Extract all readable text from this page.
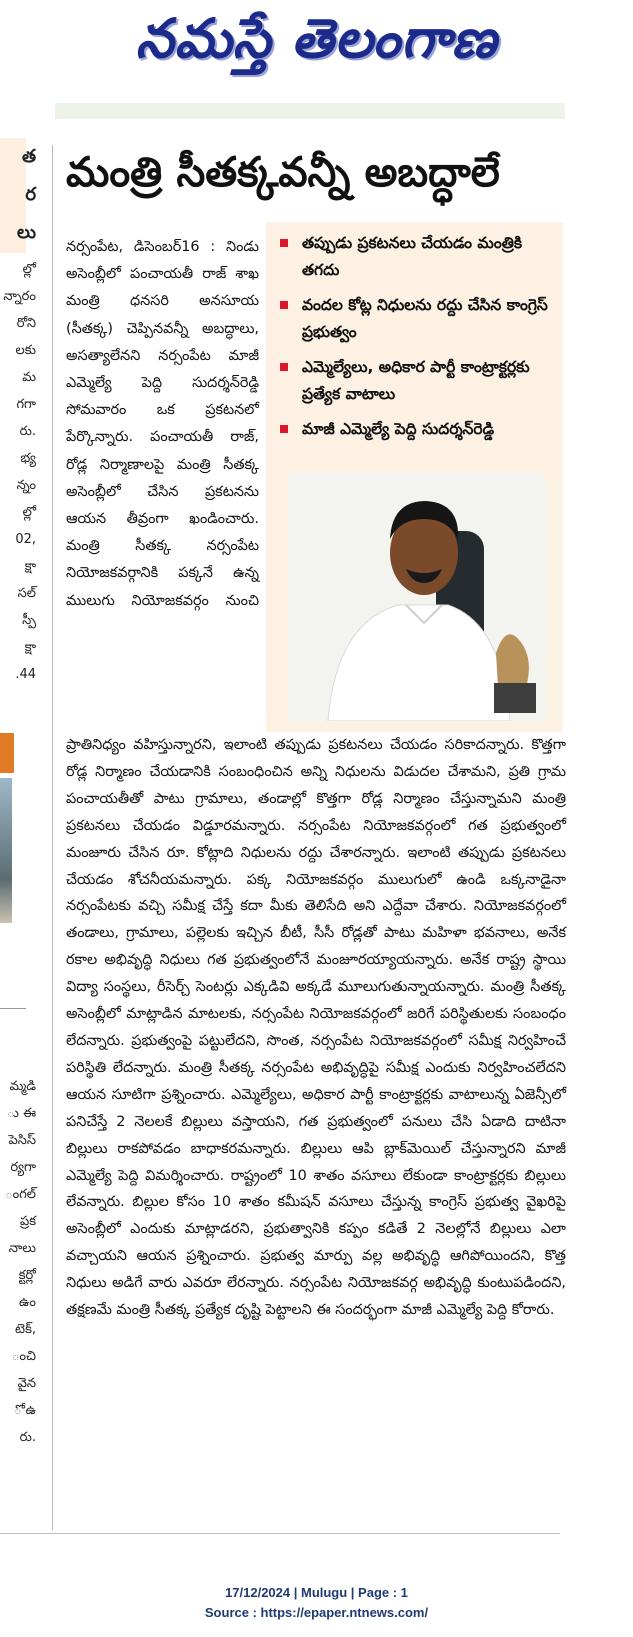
నమస్తే తెలంగాణ
త
ర
లు
ల్లో
న్నారం
రోని
లకు
మ
గగా
రు.
భ్య
న్నం
ల్లో
02,
క్షా
సల్
స్పీ
క్షా
.44
మ్మడి
ు ఈ
పెసిస్
ర్యగా
ంగల్
ప్రక
నాలు
క్టర్లో
ఉం
టెక్,
ంచి
వైన
ో ఉ
రు.
మంత్రి సీతక్కవన్నీ అబద్ధాలే
తప్పుడు ప్రకటనలు చేయడం మంత్రికి తగదు
వందల కోట్ల నిధులను రద్దు చేసిన కాంగ్రెస్ ప్రభుత్వం
ఎమ్మెల్యేలు, అధికార పార్టీ కాంట్రాక్టర్లకు ప్రత్యేక వాటాలు
మాజీ ఎమ్మెల్యే పెద్ది సుదర్శన్‌రెడ్డి

నర్సంపేట, డిసెంబర్16 : నిండు అసెంబ్లీలో పంచాయతీ రాజ్ శాఖ మంత్రి ధనసరి అనసూయ (సీతక్క) చెప్పినవన్నీ అబద్ధాలు, అసత్యాలేనని నర్సంపేట మాజీ ఎమ్మెల్యే పెద్ది సుదర్శన్‌రెడ్డి సోమవారం ఒక ప్రకటనలో పేర్కొన్నారు. పంచాయతీ రాజ్, రోడ్ల నిర్మాణాలపై మంత్రి సీతక్క అసెంబ్లీలో చేసిన ప్రకటనను ఆయన తీవ్రంగా ఖండించారు. మంత్రి సీతక్క నర్సంపేట నియోజకవర్గానికి పక్కనే ఉన్న ములుగు నియోజకవర్గం నుంచి

ప్రాతినిధ్యం వహిస్తున్నారని, ఇలాంటి తప్పుడు ప్రకటనలు చేయడం సరికాదన్నారు. కొత్తగా రోడ్ల నిర్మాణం చేయడానికి సంబంధించిన అన్ని నిధులను విడుదల చేశామని, ప్రతి గ్రామ పంచాయతీతో పాటు గ్రామాలు, తండాల్లో కొత్తగా రోడ్ల నిర్మాణం చేస్తున్నామని మంత్రి ప్రకటనలు చేయడం విడ్డూరమన్నారు. నర్సంపేట నియోజకవర్గంలో గత ప్రభుత్వంలో మంజూరు చేసిన రూ. కోట్లాది నిధులను రద్దు చేశారన్నారు. ఇలాంటి తప్పుడు ప్రకటనలు చేయడం శోచనీయమన్నారు. పక్క నియోజకవర్గం ములుగులో ఉండి ఒక్కనాడైనా నర్సంపేటకు వచ్చి సమీక్ష చేస్తే కదా మీకు తెలిసేది అని ఎద్దేవా చేశారు. నియోజకవర్గంలో తండాలు, గ్రామాలు, పల్లెలకు ఇచ్చిన బీటీ, సీసీ రోడ్లతో పాటు మహిళా భవనాలు, అనేక రకాల అభివృద్ధి నిధులు గత ప్రభుత్వంలోనే మంజూరయ్యాయన్నారు. అనేక రాష్ట్ర స్థాయి విద్యా సంస్థలు, రీసెర్చ్ సెంటర్లు ఎక్కడివి అక్కడే మూలుగుతున్నాయన్నారు. మంత్రి సీతక్క అసెంబ్లీలో మాట్లాడిన మాటలకు, నర్సంపేట నియోజకవర్గంలో జరిగే పరిస్థితులకు సంబంధం లేదన్నారు. ప్రభుత్వంపై పట్టులేదని, సొంత, నర్సంపేట నియోజకవర్గంలో సమీక్ష నిర్వహించే పరిస్థితి లేదన్నారు. మంత్రి సీతక్క నర్సంపేట అభివృద్ధిపై సమీక్ష ఎందుకు నిర్వహించలేదని ఆయన సూటిగా ప్రశ్నించారు. ఎమ్మెల్యేలు, అధికార పార్టీ కాంట్రాక్టర్లకు వాటాలున్న ఏజెన్సీలో పనిచేస్తే 2 నెలలకే బిల్లులు వస్తాయని, గత ప్రభుత్వంలో పనులు చేసి ఏడాది దాటినా బిల్లులు రాకపోవడం బాధాకరమన్నారు. బిల్లులు ఆపి బ్లాక్‌మెయిల్ చేస్తున్నారని మాజీ ఎమ్మెల్యే పెద్ది విమర్శించారు. రాష్ట్రంలో 10 శాతం వసూలు లేకుండా కాంట్రాక్టర్లకు బిల్లులు లేవన్నారు. బిల్లుల కోసం 10 శాతం కమీషన్ వసూలు చేస్తున్న కాంగ్రెస్ ప్రభుత్వ వైఖరిపై అసెంబ్లీలో ఎందుకు మాట్లాడరని, ప్రభుత్వానికి కప్పం కడితే 2 నెలల్లోనే బిల్లులు ఎలా వచ్చాయని ఆయన ప్రశ్నించారు. ప్రభుత్వ మార్పు వల్ల అభివృద్ధి ఆగిపోయిందని, కొత్త నిధులు అడిగే వారు ఎవరూ లేరన్నారు. నర్సంపేట నియోజకవర్గ అభివృద్ధి కుంటుపడిందని, తక్షణమే మంత్రి సీతక్క ప్రత్యేక దృష్టి పెట్టాలని ఈ సందర్భంగా మాజీ ఎమ్మెల్యే పెద్ది కోరారు.

17/12/2024 | Mulugu | Page : 1
Source : https://epaper.ntnews.com/
